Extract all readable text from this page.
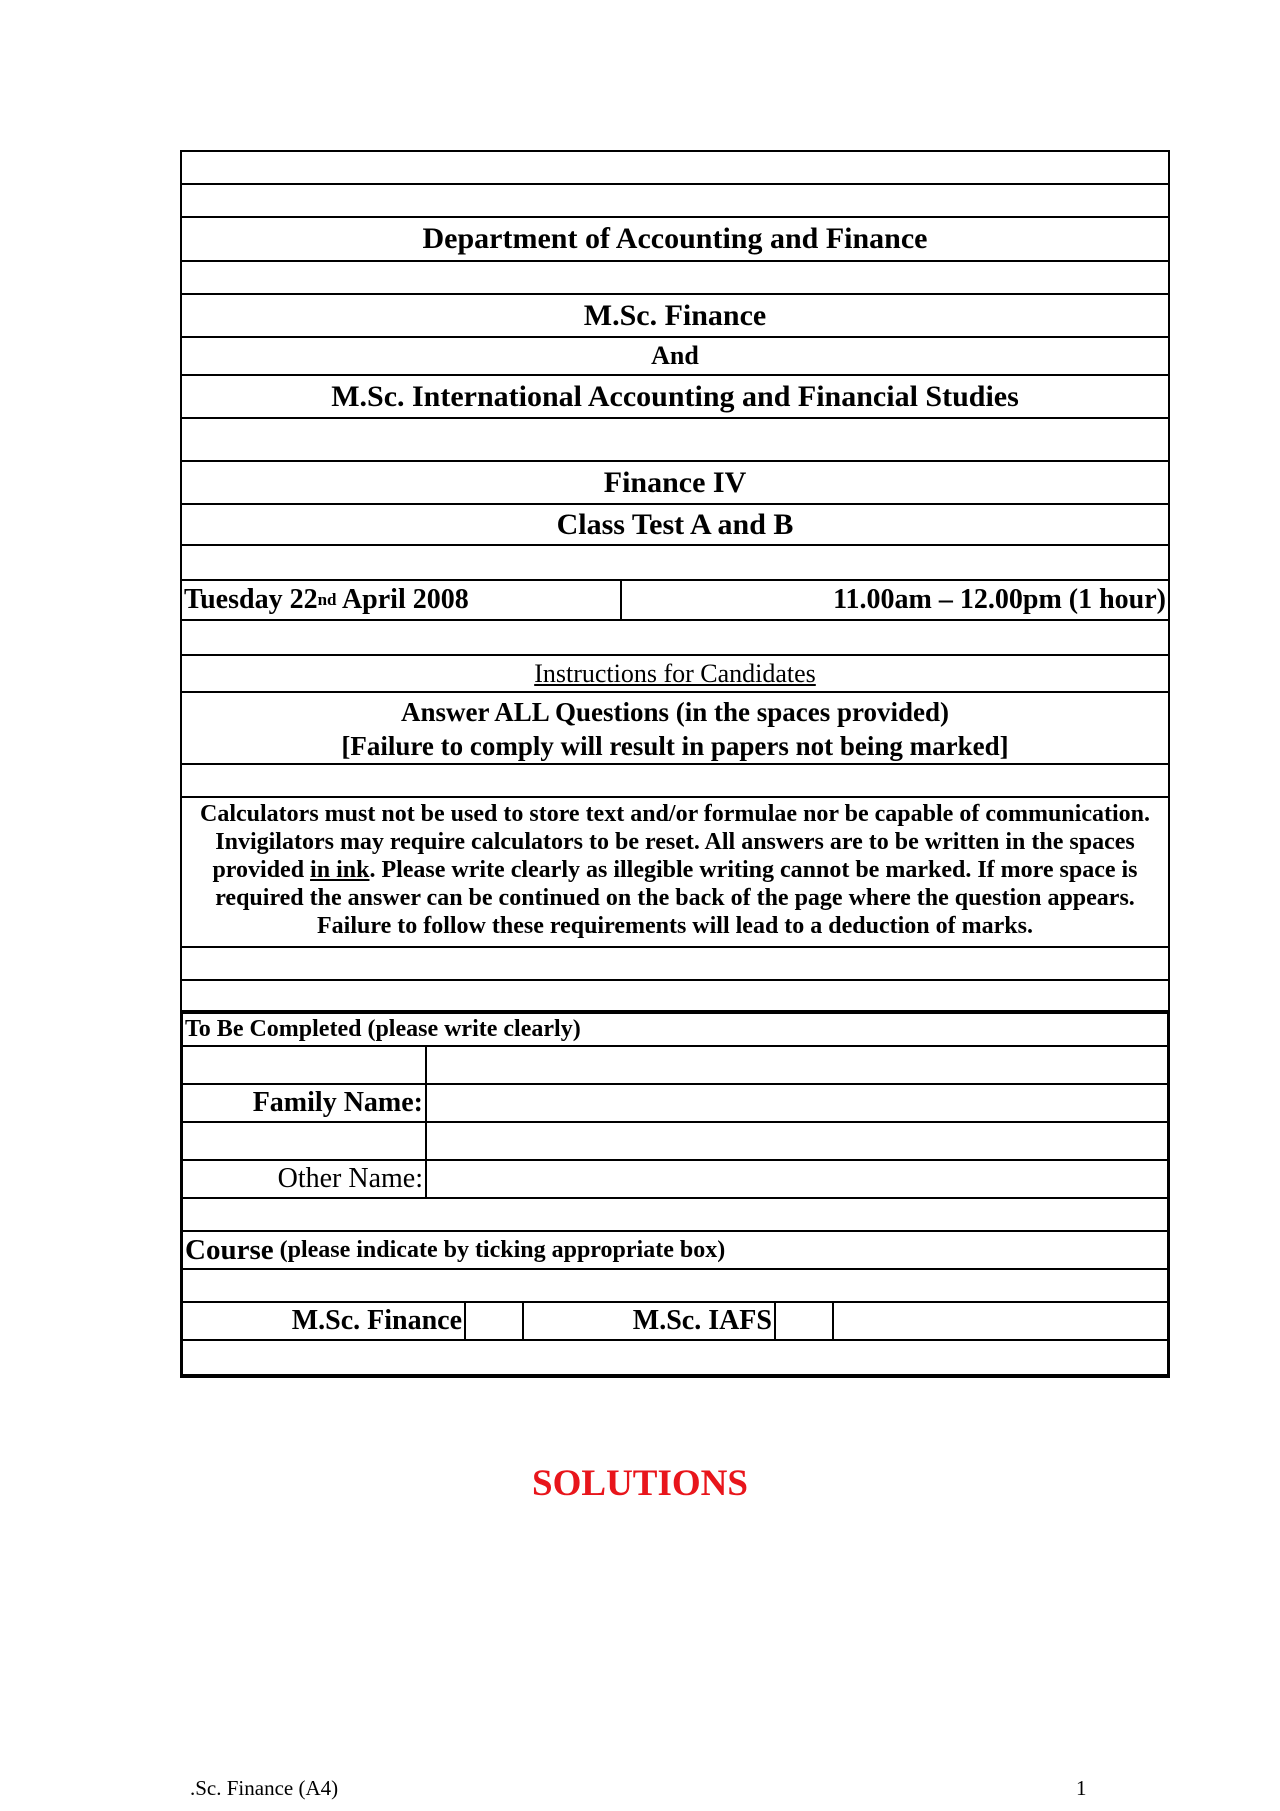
Department of Accounting and Finance
M.Sc. Finance
And
M.Sc. International Accounting and Financial Studies
Finance IV
Class Test A and B
Tuesday 22 nd April 2008	11.00am – 12.00pm (1 hour)
Instructions for Candidates
Answer ALL Questions (in the spaces provided)
[Failure to comply will result in papers not being marked]
Calculators must not be used to store text and/or formulae nor be capable of communication. Invigilators may require calculators to be reset. All answers are to be written in the spaces provided in ink. Please write clearly as illegible writing cannot be marked. If more space is required the answer can be continued on the back of the page where the question appears. Failure to follow these requirements will lead to a deduction of marks.
To Be Completed (please write clearly)
Family Name:
Other Name:
Course (please indicate by ticking appropriate box)
M.Sc. Finance	M.Sc. IAFS
SOLUTIONS
.Sc. Finance (A4)	1
